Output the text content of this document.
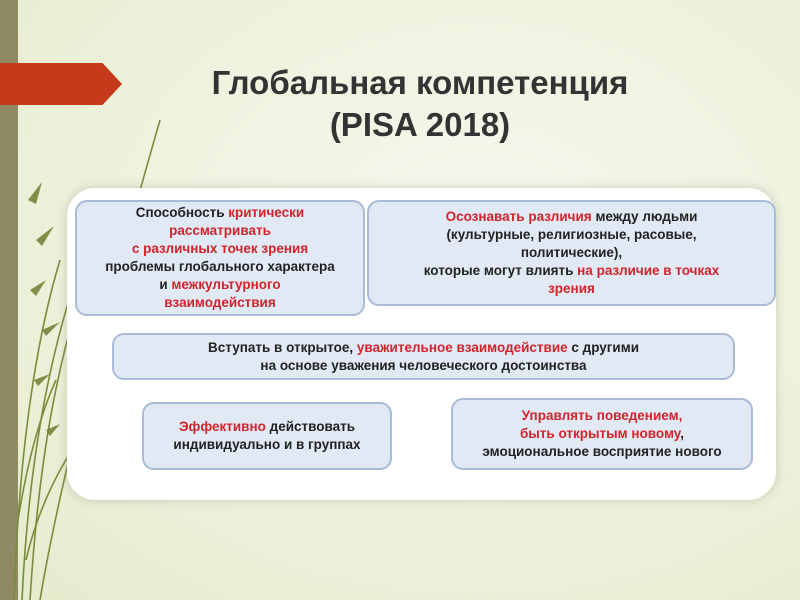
Глобальная компетенция
(PISA 2018)
Способность критически
рассматривать
с различных точек зрения
проблемы глобального характера
и межкультурного
взаимодействия
Осознавать различия между людьми
(культурные, религиозные, расовые,
политические),
которые могут влиять на различие в точках
зрения
Вступать в открытое, уважительное взаимодействие с другими
на основе уважения человеческого достоинства
Эффективно действовать
индивидуально и в группах
Управлять поведением,
быть открытым новому,
эмоциональное восприятие нового
